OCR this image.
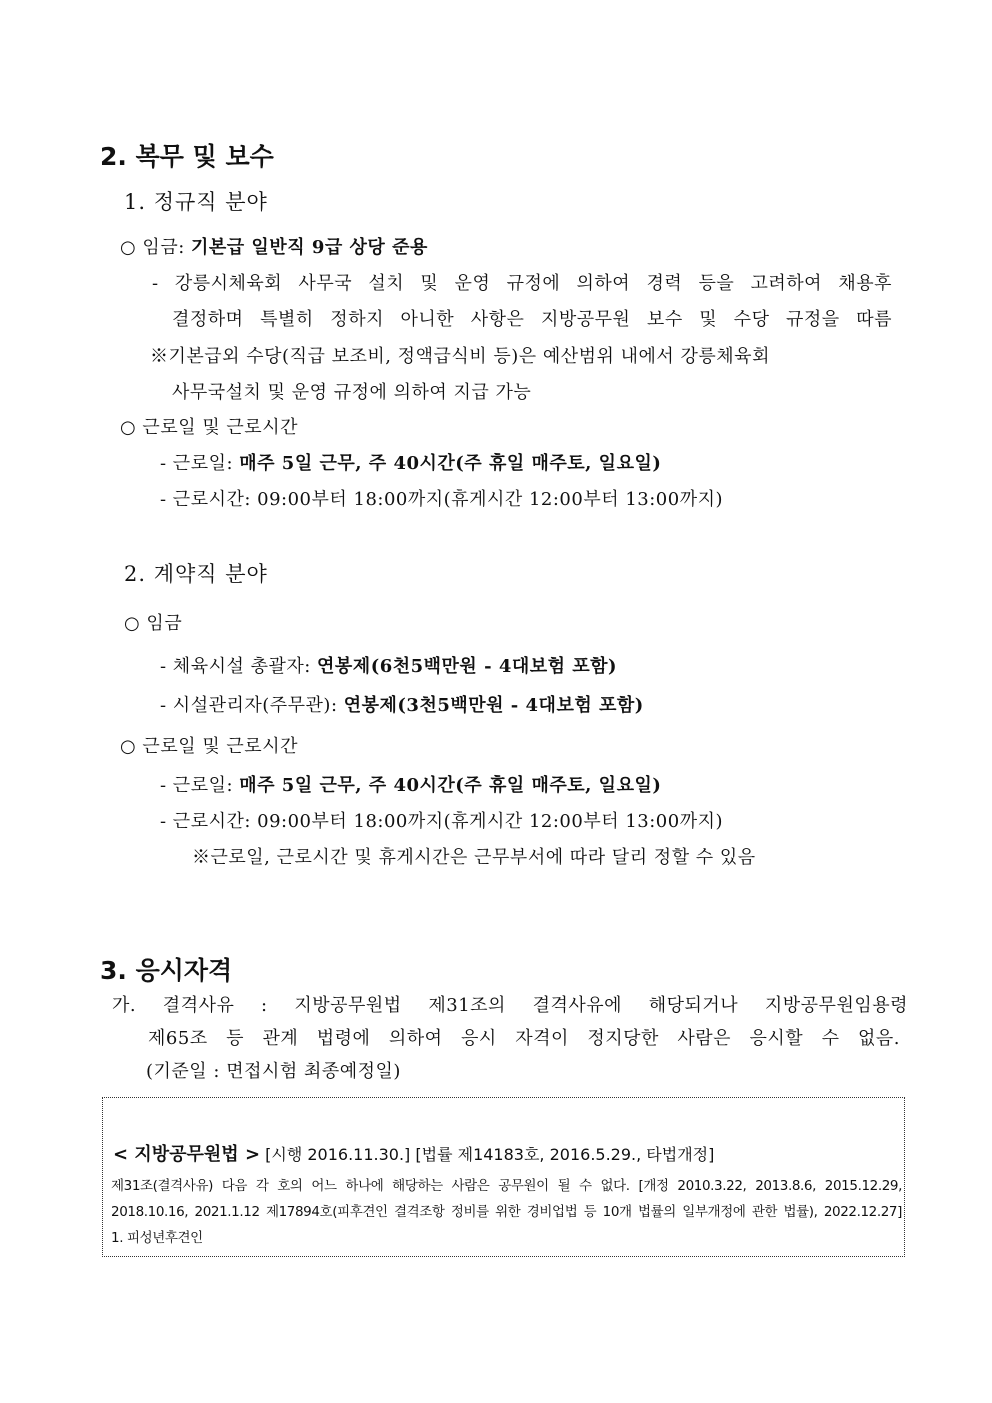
2. 복무 및 보수
1. 정규직 분야
○ 임금: 기본급 일반직 9급 상당 준용
- 강릉시체육회 사무국 설치 및 운영 규정에 의하여 경력 등을 고려하여 채용후
결정하며 특별히 정하지 아니한 사항은 지방공무원 보수 및 수당 규정을 따름
※기본급외 수당(직급 보조비, 정액급식비 등)은 예산범위 내에서 강릉체육회
사무국설치 및 운영 규정에 의하여 지급 가능
○ 근로일 및 근로시간
- 근로일: 매주 5일 근무, 주 40시간(주 휴일 매주토, 일요일)
- 근로시간: 09:00부터 18:00까지(휴게시간 12:00부터 13:00까지)
2. 계약직 분야
○ 임금
- 체육시설 총괄자: 연봉제(6천5백만원 - 4대보험 포함)
- 시설관리자(주무관): 연봉제(3천5백만원 - 4대보험 포함)
○ 근로일 및 근로시간
- 근로일: 매주 5일 근무, 주 40시간(주 휴일 매주토, 일요일)
- 근로시간: 09:00부터 18:00까지(휴게시간 12:00부터 13:00까지)
※근로일, 근로시간 및 휴게시간은 근무부서에 따라 달리 정할 수 있음
3. 응시자격
가. 결격사유 : 지방공무원법 제31조의 결격사유에 해당되거나 지방공무원임용령
제65조 등 관계 법령에 의하여 응시 자격이 정지당한 사람은 응시할 수 없음.
(기준일 : 면접시험 최종예정일)
< 지방공무원법 > [시행 2016.11.30.] [법률 제14183호, 2016.5.29., 타법개정]
제31조(결격사유) 다음 각 호의 어느 하나에 해당하는 사람은 공무원이 될 수 없다. [개정 2010.3.22, 2013.8.6, 2015.12.29,
2018.10.16, 2021.1.12 제17894호(피후견인 결격조항 정비를 위한 경비업법 등 10개 법률의 일부개정에 관한 법률), 2022.12.27]
1. 피성년후견인
